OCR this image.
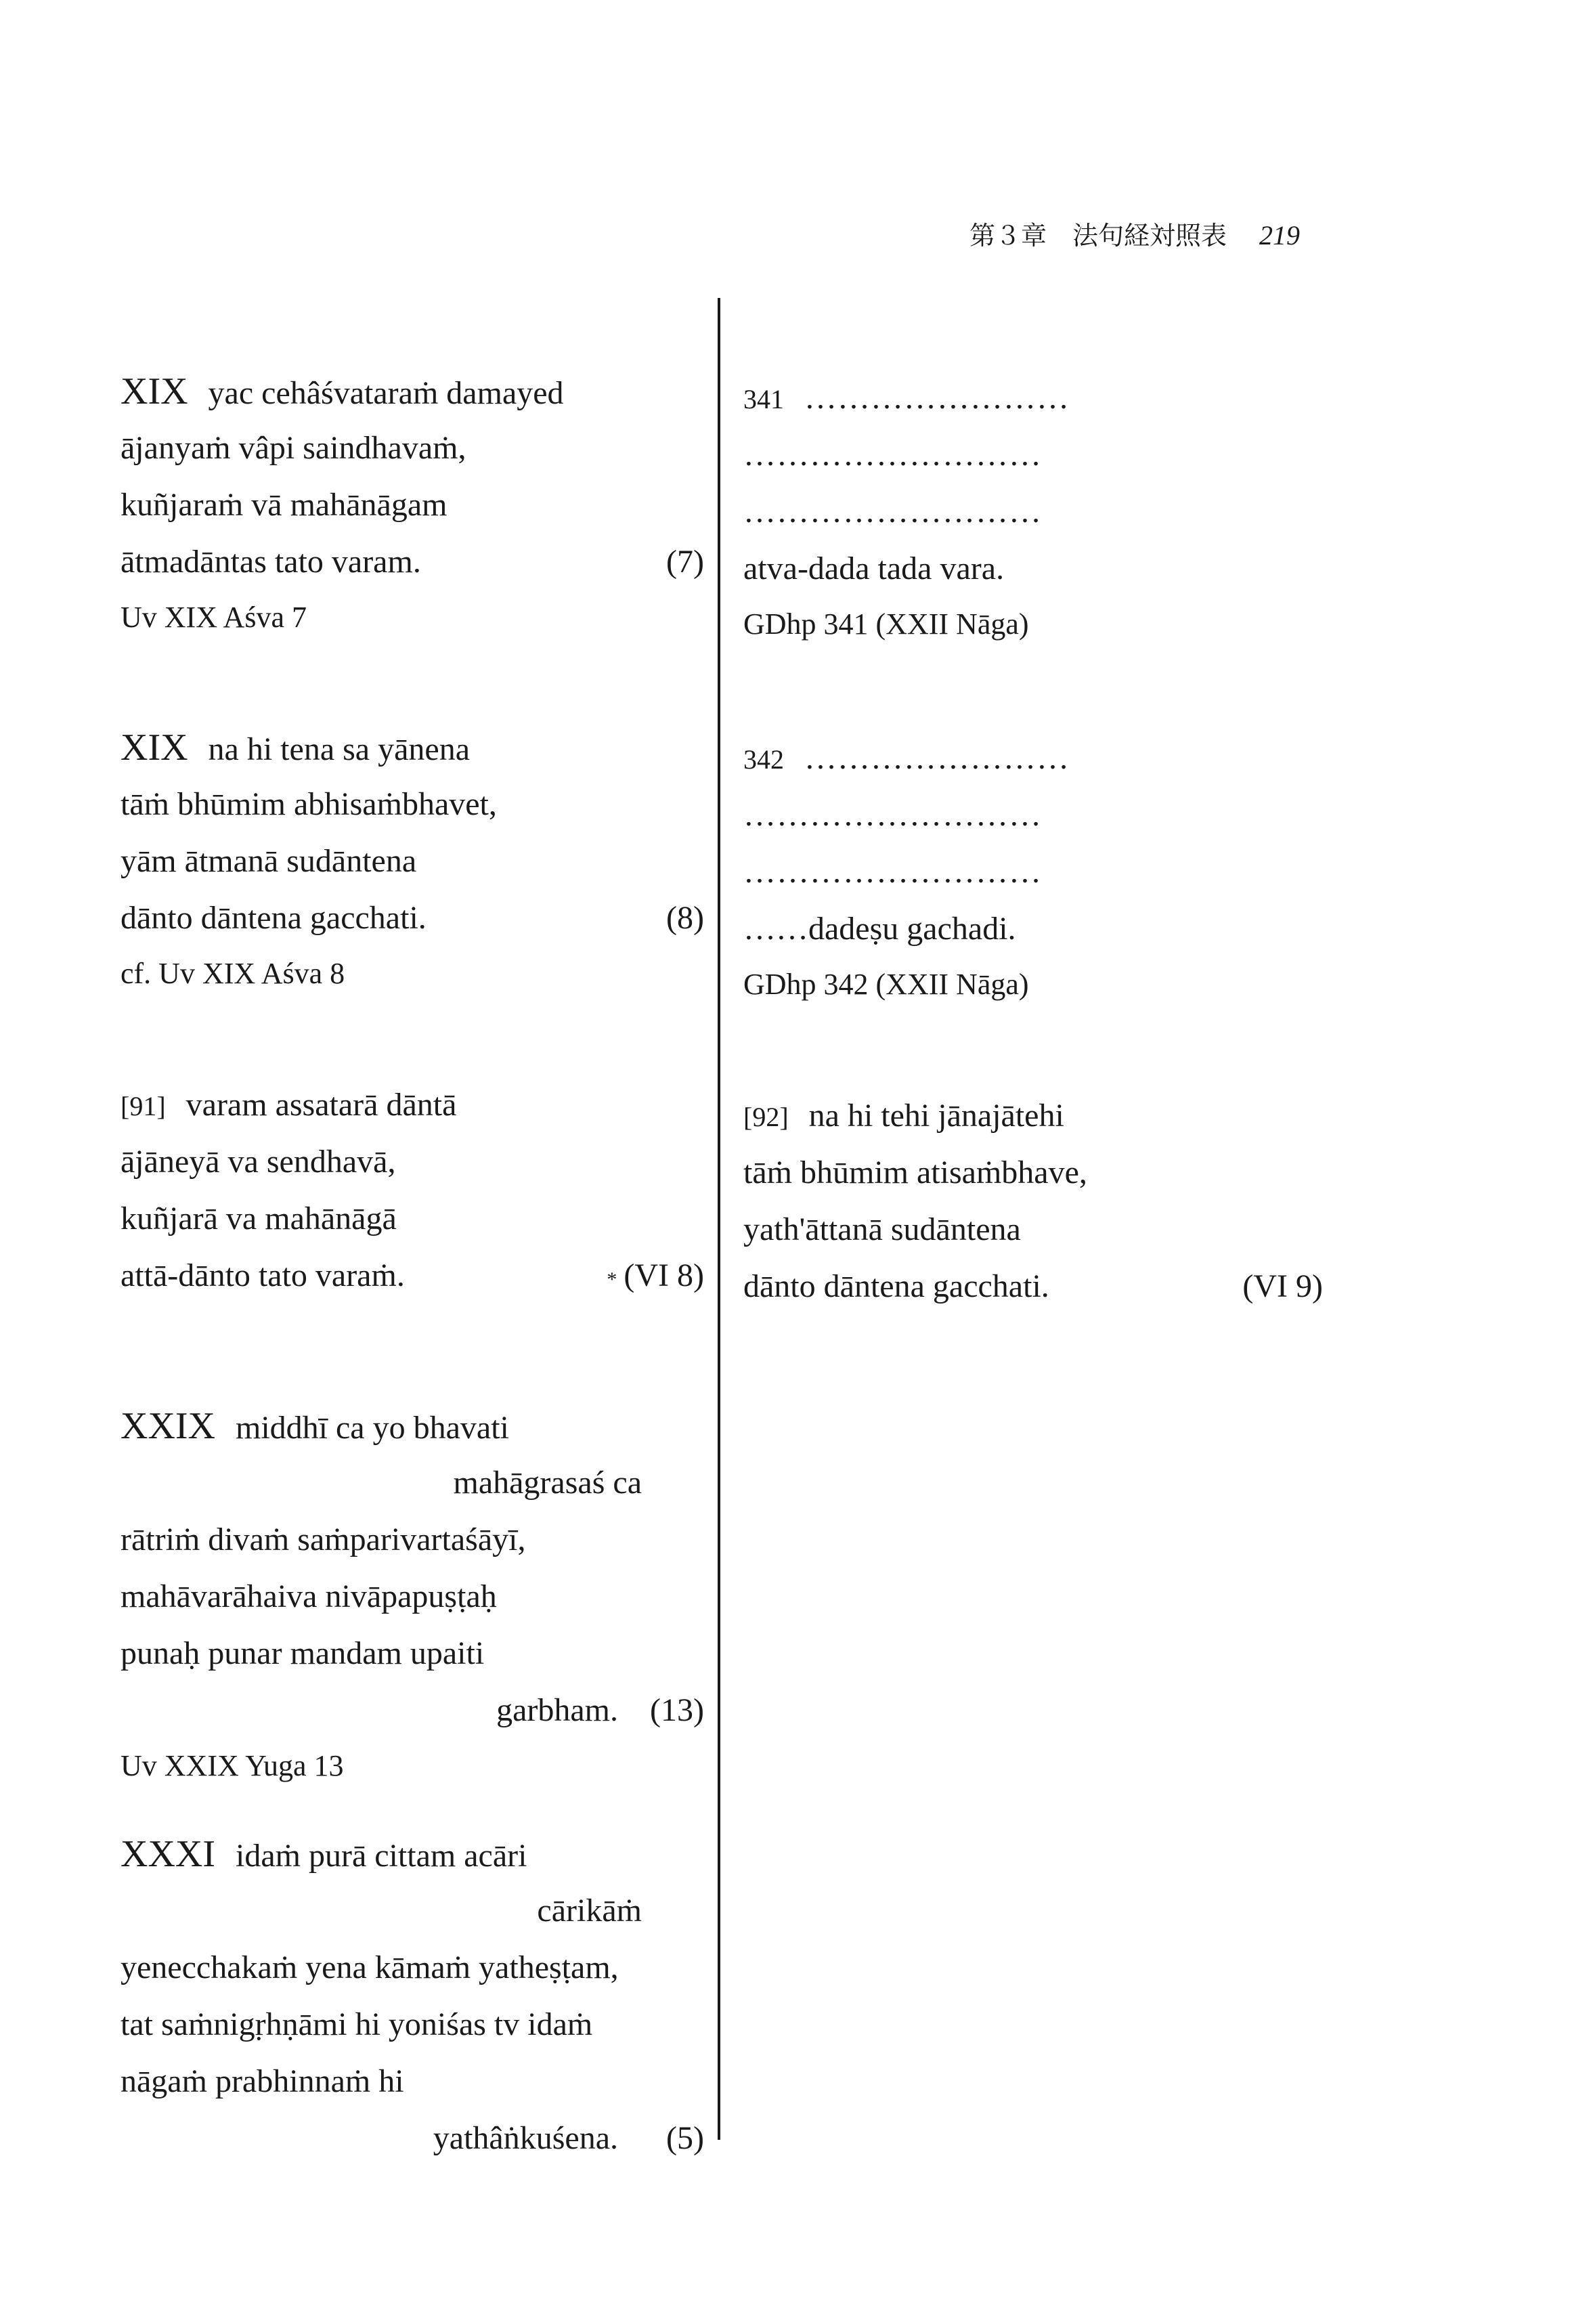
第３章　法句経対照表 219
XIX yac cehâśvataraṁ damayed
ājanyaṁ vâpi saindhavaṁ,
kuñjaraṁ vā mahānāgam
ātmadāntas tato varam.
Uv XIX Aśva 7
(7)
XIX na hi tena sa yānena
tāṁ bhūmim abhisaṁbhavet,
yām ātmanā sudāntena
dānto dāntena gacchati.
cf. Uv XIX Aśva 8
(8)
[91] varam assatarā dāntā
ājāneyā va sendhavā,
kuñjarā va mahānāgā
attā-dānto tato varaṁ.	* (VI 8)
XXIX middhī ca yo bhavati
mahāgrasaś ca
rātriṁ divaṁ saṁparivartaśāyī,
mahāvarāhaiva nivāpapuṣṭaḥ
punaḥ punar mandam upaiti
garbham.
Uv XXIX Yuga 13
(13)
XXXI idaṁ purā cittam acāri
cārikāṁ
yenecchakaṁ yena kāmaṁ yatheṣṭam,
tat saṁnigṛhṇāmi hi yoniśas tv idaṁ
nāgaṁ prabhinnaṁ hi
yathâṅkuśena.	(5)
341 ……………………
………………………
………………………
atva-dada tada vara.
GDhp 341 (XXII Nāga)
342 ……………………
………………………
………………………
……dadeṣu gachadi.
GDhp 342 (XXII Nāga)
[92] na hi tehi jānajātehi
tāṁ bhūmim atisaṁbhave,
yath'āttanā sudāntena
dānto dāntena gacchati.	(VI 9)
